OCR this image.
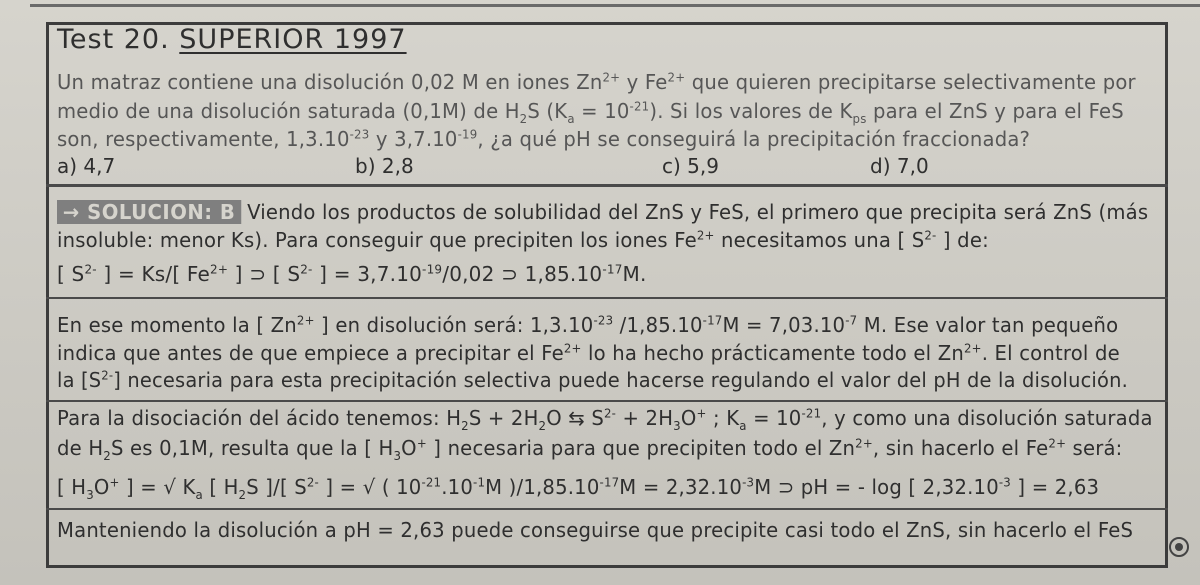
Test 20. SUPERIOR 1997
Un matraz contiene una disolución 0,02 M en iones $Zn^{2+}$ y $Fe^{2+}$ que quieren precipitarse selectivamente por
medio de una disolución saturada (0,1M) de $H_2S$ $(K_a = 10^{-21})$. Si los valores de $K_{ps}$ para el ZnS y para el FeS
son, respectivamente, $1,3.10^{-23}$ y $3,7.10^{-19}$, ¿a qué pH se conseguirá la precipitación fraccionada?
a) 4,7	b) 2,8	c) 5,9	d) 7,0
→ SOLUCION: B Viendo los productos de solubilidad del ZnS y FeS, el primero que precipita será ZnS (más
insoluble: menor Ks). Para conseguir que precipiten los iones $Fe^{2+}$ necesitamos una [ $S^{2-}$ ] de:
[ $S^{2-}$ ] = Ks/[ $Fe^{2+}$ ] ⊃ [ $S^{2-}$ ] = $3,7.10^{-19}/0,02$ ⊃ $1,85.10^{-17}M$.
En ese momento la [ $Zn^{2+}$ ] en disolución será: $1,3.10^{-23}$ $/1,85.10^{-17}M = 7,03.10^{-7}$ M. Ese valor tan pequeño
indica que antes de que empiece a precipitar el $Fe^{2+}$ lo ha hecho prácticamente todo el $Zn^{2+}$. El control de
la $[S^{2-}]$ necesaria para esta precipitación selectiva puede hacerse regulando el valor del pH de la disolución.
Para la disociación del ácido tenemos: $H_2S + 2H_2O$ ⇆ $S^{2-} + 2H_3O^+$ ; $K_a = 10^{-21}$, y como una disolución saturada
de $H_2S$ es 0,1M, resulta que la [ $H_3O^+$ ] necesaria para que precipiten todo el $Zn^{2+}$, sin hacerlo el $Fe^{2+}$ será:
[ $H_3O^+$ ] = √ $K_a$ [ $H_2S$ ]/[ $S^{2-}$ ] = √ ( $10^{-21}.10^{-1}M$ )$/1,85.10^{-17}M = 2,32.10^{-3}M$ ⊃ pH = - log [ $2,32.10^{-3}$ ] = 2,63
Manteniendo la disolución a pH = 2,63 puede conseguirse que precipite casi todo el ZnS, sin hacerlo el FeS
